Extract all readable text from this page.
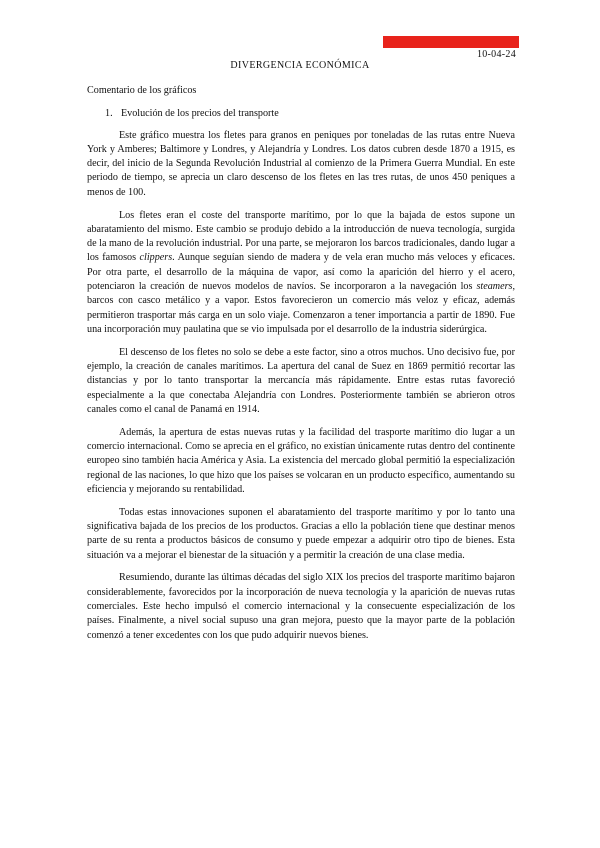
10-04-24
DIVERGENCIA ECONÓMICA
Comentario de los gráficos
1. Evolución de los precios del transporte

Este gráfico muestra los fletes para granos en peniques por toneladas de las rutas entre Nueva York y Amberes; Baltimore y Londres, y Alejandría y Londres. Los datos cubren desde 1870 a 1915, es decir, del inicio de la Segunda Revolución Industrial al comienzo de la Primera Guerra Mundial. En este periodo de tiempo, se aprecia un claro descenso de los fletes en las tres rutas, de unos 450 peniques a menos de 100.

Los fletes eran el coste del transporte marítimo, por lo que la bajada de estos supone un abaratamiento del mismo. Este cambio se produjo debido a la introducción de nueva tecnología, surgida de la mano de la revolución industrial. Por una parte, se mejoraron los barcos tradicionales, dando lugar a los famosos clippers. Aunque seguían siendo de madera y de vela eran mucho más veloces y eficaces. Por otra parte, el desarrollo de la máquina de vapor, así como la aparición del hierro y el acero, potenciaron la creación de nuevos modelos de navíos. Se incorporaron a la navegación los steamers, barcos con casco metálico y a vapor. Estos favorecieron un comercio más veloz y eficaz, además permitieron trasportar más carga en un solo viaje. Comenzaron a tener importancia a partir de 1890. Fue una incorporación muy paulatina que se vio impulsada por el desarrollo de la industria siderúrgica.

El descenso de los fletes no solo se debe a este factor, sino a otros muchos. Uno decisivo fue, por ejemplo, la creación de canales marítimos. La apertura del canal de Suez en 1869 permitió recortar las distancias y por lo tanto transportar la mercancía más rápidamente. Entre estas rutas favoreció especialmente a la que conectaba Alejandría con Londres. Posteriormente también se abrieron otros canales como el canal de Panamá en 1914.

Además, la apertura de estas nuevas rutas y la facilidad del trasporte marítimo dio lugar a un comercio internacional. Como se aprecia en el gráfico, no existían únicamente rutas dentro del continente europeo sino también hacia América y Asia. La existencia del mercado global permitió la especialización regional de las naciones, lo que hizo que los países se volcaran en un producto específico, aumentando su eficiencia y mejorando su rentabilidad.

Todas estas innovaciones suponen el abaratamiento del trasporte marítimo y por lo tanto una significativa bajada de los precios de los productos. Gracias a ello la población tiene que destinar menos parte de su renta a productos básicos de consumo y puede empezar a adquirir otro tipo de bienes. Esta situación va a mejorar el bienestar de la situación y a permitir la creación de una clase media.

Resumiendo, durante las últimas décadas del siglo XIX los precios del trasporte marítimo bajaron considerablemente, favorecidos por la incorporación de nueva tecnología y la aparición de nuevas rutas comerciales. Este hecho impulsó el comercio internacional y la consecuente especialización de los países. Finalmente, a nivel social supuso una gran mejora, puesto que la mayor parte de la población comenzó a tener excedentes con los que pudo adquirir nuevos bienes.
